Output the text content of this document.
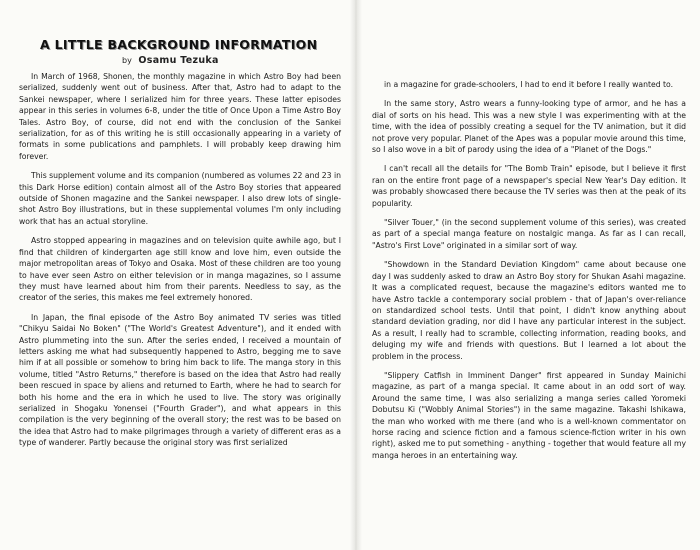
A LITTLE BACKGROUND INFORMATION
by Osamu Tezuka

In March of 1968, Shonen, the monthly magazine in which Astro Boy had been serialized, suddenly went out of business. After that, Astro had to adapt to the Sankei newspaper, where I serialized him for three years. These latter episodes appear in this series in volumes 6-8, under the title of Once Upon a Time Astro Boy Tales. Astro Boy, of course, did not end with the conclusion of the Sankei serialization, for as of this writing he is still occasionally appearing in a variety of formats in some publications and pamphlets. I will probably keep drawing him forever.

This supplement volume and its companion (numbered as volumes 22 and 23 in this Dark Horse edition) contain almost all of the Astro Boy stories that appeared outside of Shonen magazine and the Sankei newspaper. I also drew lots of single-shot Astro Boy illustrations, but in these supplemental volumes I'm only including work that has an actual storyline.

Astro stopped appearing in magazines and on television quite awhile ago, but I find that children of kindergarten age still know and love him, even outside the major metropolitan areas of Tokyo and Osaka. Most of these children are too young to have ever seen Astro on either television or in manga magazines, so I assume they must have learned about him from their parents. Needless to say, as the creator of the series, this makes me feel extremely honored.

In Japan, the final episode of the Astro Boy animated TV series was titled "Chikyu Saidai No Boken" ("The World's Greatest Adventure"), and it ended with Astro plummeting into the sun. After the series ended, I received a mountain of letters asking me what had subsequently happened to Astro, begging me to save him if at all possible or somehow to bring him back to life. The manga story in this volume, titled "Astro Returns," therefore is based on the idea that Astro had really been rescued in space by aliens and returned to Earth, where he had to search for both his home and the era in which he used to live. The story was originally serialized in Shogaku Yonensei ("Fourth Grader"), and what appears in this compilation is the very beginning of the overall story; the rest was to be based on the idea that Astro had to make pilgrimages through a variety of different eras as a type of wanderer. Partly because the original story was first serialized

in a magazine for grade-schoolers, I had to end it before I really wanted to.

In the same story, Astro wears a funny-looking type of armor, and he has a dial of sorts on his head. This was a new style I was experimenting with at the time, with the idea of possibly creating a sequel for the TV animation, but it did not prove very popular. Planet of the Apes was a popular movie around this time, so I also wove in a bit of parody using the idea of a "Planet of the Dogs."

I can't recall all the details for "The Bomb Train" episode, but I believe it first ran on the entire front page of a newspaper's special New Year's Day edition. It was probably showcased there because the TV series was then at the peak of its popularity.

"Silver Touer," (in the second supplement volume of this series), was created as part of a special manga feature on nostalgic manga. As far as I can recall, "Astro's First Love" originated in a similar sort of way.

"Showdown in the Standard Deviation Kingdom" came about because one day I was suddenly asked to draw an Astro Boy story for Shukan Asahi magazine. It was a complicated request, because the magazine's editors wanted me to have Astro tackle a contemporary social problem - that of Japan's over-reliance on standardized school tests. Until that point, I didn't know anything about standard deviation grading, nor did I have any particular interest in the subject. As a result, I really had to scramble, collecting information, reading books, and deluging my wife and friends with questions. But I learned a lot about the problem in the process.

"Slippery Catfish in Imminent Danger" first appeared in Sunday Mainichi magazine, as part of a manga special. It came about in an odd sort of way. Around the same time, I was also serializing a manga series called Yoromeki Dobutsu Ki ("Wobbly Animal Stories") in the same magazine. Takashi Ishikawa, the man who worked with me there (and who is a well-known commentator on horse racing and science fiction and a famous science-fiction writer in his own right), asked me to put something - anything - together that would feature all my manga heroes in an entertaining way.
